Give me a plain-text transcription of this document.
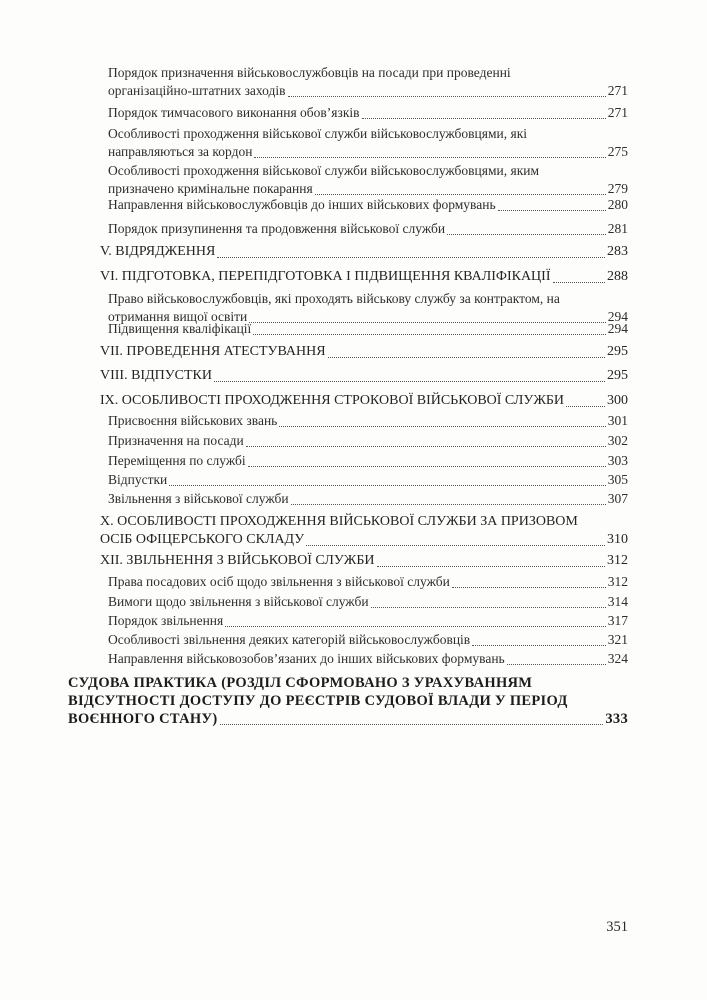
Порядок призначення військовослужбовців на посади при проведенні
організаційно-штатних заходів	271
Порядок тимчасового виконання обов’язків	271
Особливості проходження військової служби військовослужбовцями, які
направляються за кордон	275
Особливості проходження військової служби військовослужбовцями, яким
призначено кримінальне покарання	279
Направлення військовослужбовців до інших військових формувань	280
Порядок призупинення та продовження військової служби	281
V. ВІДРЯДЖЕННЯ	283
VI. ПІДГОТОВКА, ПЕРЕПІДГОТОВКА І ПІДВИЩЕННЯ КВАЛІФІКАЦІЇ	288
Право військовослужбовців, які проходять військову службу за контрактом, на
отримання вищої освіти	294
Підвищення кваліфікації	294
VII. ПРОВЕДЕННЯ АТЕСТУВАННЯ	295
VIII. ВІДПУСТКИ	295
IX. ОСОБЛИВОСТІ ПРОХОДЖЕННЯ СТРОКОВОЇ ВІЙСЬКОВОЇ СЛУЖБИ	300
Присвоєння військових звань	301
Призначення на посади	302
Переміщення по службі	303
Відпустки	305
Звільнення з військової служби	307
X. ОСОБЛИВОСТІ ПРОХОДЖЕННЯ ВІЙСЬКОВОЇ СЛУЖБИ ЗА ПРИЗОВОМ
ОСІБ ОФІЦЕРСЬКОГО СКЛАДУ	310
XII. ЗВІЛЬНЕННЯ З ВІЙСЬКОВОЇ СЛУЖБИ	312
Права посадових осіб щодо звільнення з військової служби	312
Вимоги щодо звільнення з військової служби	314
Порядок звільнення	317
Особливості звільнення деяких категорій військовослужбовців	321
Направлення військовозобов’язаних до інших військових формувань	324
СУДОВА ПРАКТИКА (РОЗДІЛ СФОРМОВАНО З УРАХУВАННЯМ
ВІДСУТНОСТІ ДОСТУПУ ДО РЕЄСТРІВ СУДОВОЇ ВЛАДИ У ПЕРІОД
ВОЄННОГО СТАНУ)	333
351
